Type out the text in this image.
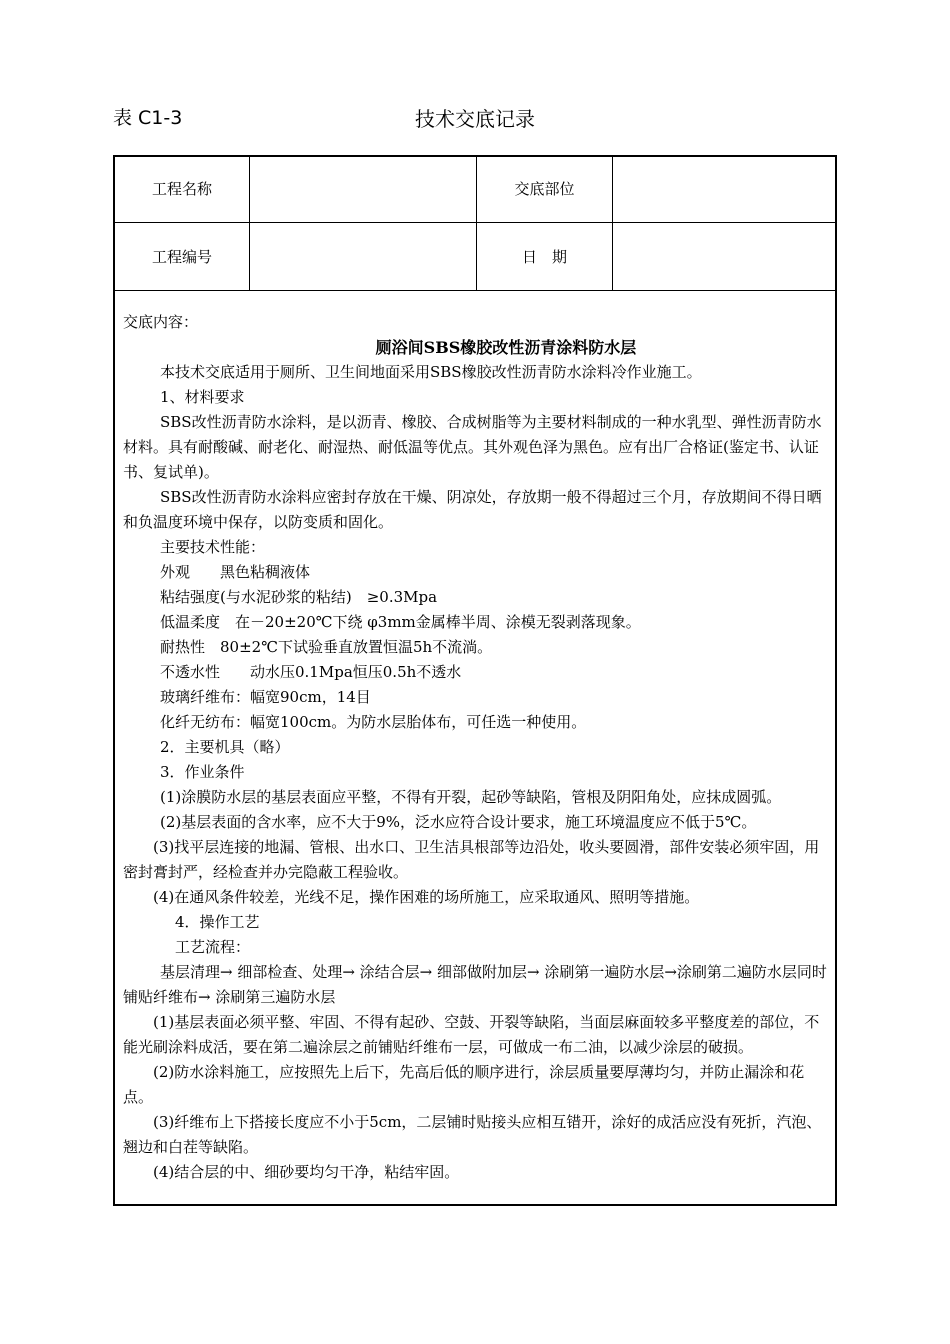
表 C1-3	技术交底记录
工程名称	交底部位
工程编号	日　期

交底内容：

厕浴间SBS橡胶改性沥青涂料防水层

本技术交底适用于厕所、卫生间地面采用SBS橡胶改性沥青防水涂料冷作业施工。

1、材料要求

SBS改性沥青防水涂料，是以沥青、橡胶、合成树脂等为主要材料制成的一种水乳型、弹性沥青防水材料。具有耐酸碱、耐老化、耐湿热、耐低温等优点。其外观色泽为黑色。应有出厂合格证(鉴定书、认证书、复试单)。

SBS改性沥青防水涂料应密封存放在干燥、阴凉处，存放期一般不得超过三个月，存放期间不得日晒和负温度环境中保存，以防变质和固化。

主要技术性能：

外观　　黑色粘稠液体

粘结强度(与水泥砂浆的粘结)　≥0.3Mpa

低温柔度　在－20±20℃下绕 φ3mm金属棒半周、涂模无裂剥落现象。

耐热性　80±2℃下试验垂直放置恒温5h不流淌。

不透水性　　动水压0.1Mpa恒压0.5h不透水

玻璃纤维布：幅宽90cm，14目

化纤无纺布：幅宽100cm。为防水层胎体布，可任选一种使用。

2．主要机具（略）

3．作业条件

(1)涂膜防水层的基层表面应平整，不得有开裂，起砂等缺陷，管根及阴阳角处，应抹成圆弧。

(2)基层表面的含水率，应不大于9%，泛水应符合设计要求，施工环境温度应不低于5℃。

(3)找平层连接的地漏、管根、出水口、卫生洁具根部等边沿处，收头要圆滑，部件安装必须牢固，用密封膏封严，经检查并办完隐蔽工程验收。

(4)在通风条件较差，光线不足，操作困难的场所施工，应采取通风、照明等措施。

4．操作工艺

工艺流程：

基层清理→ 细部检查、处理→ 涂结合层→ 细部做附加层→ 涂刷第一遍防水层→涂刷第二遍防水层同时铺贴纤维布→ 涂刷第三遍防水层

(1)基层表面必须平整、牢固、不得有起砂、空鼓、开裂等缺陷，当面层麻面较多平整度差的部位，不能光刷涂料成活，要在第二遍涂层之前铺贴纤维布一层，可做成一布二油，以减少涂层的破损。

(2)防水涂料施工，应按照先上后下，先高后低的顺序进行，涂层质量要厚薄均匀，并防止漏涂和花点。

(3)纤维布上下搭接长度应不小于5cm，二层铺时贴接头应相互错开，涂好的成活应没有死折，汽泡、翘边和白茬等缺陷。

(4)结合层的中、细砂要均匀干净，粘结牢固。
